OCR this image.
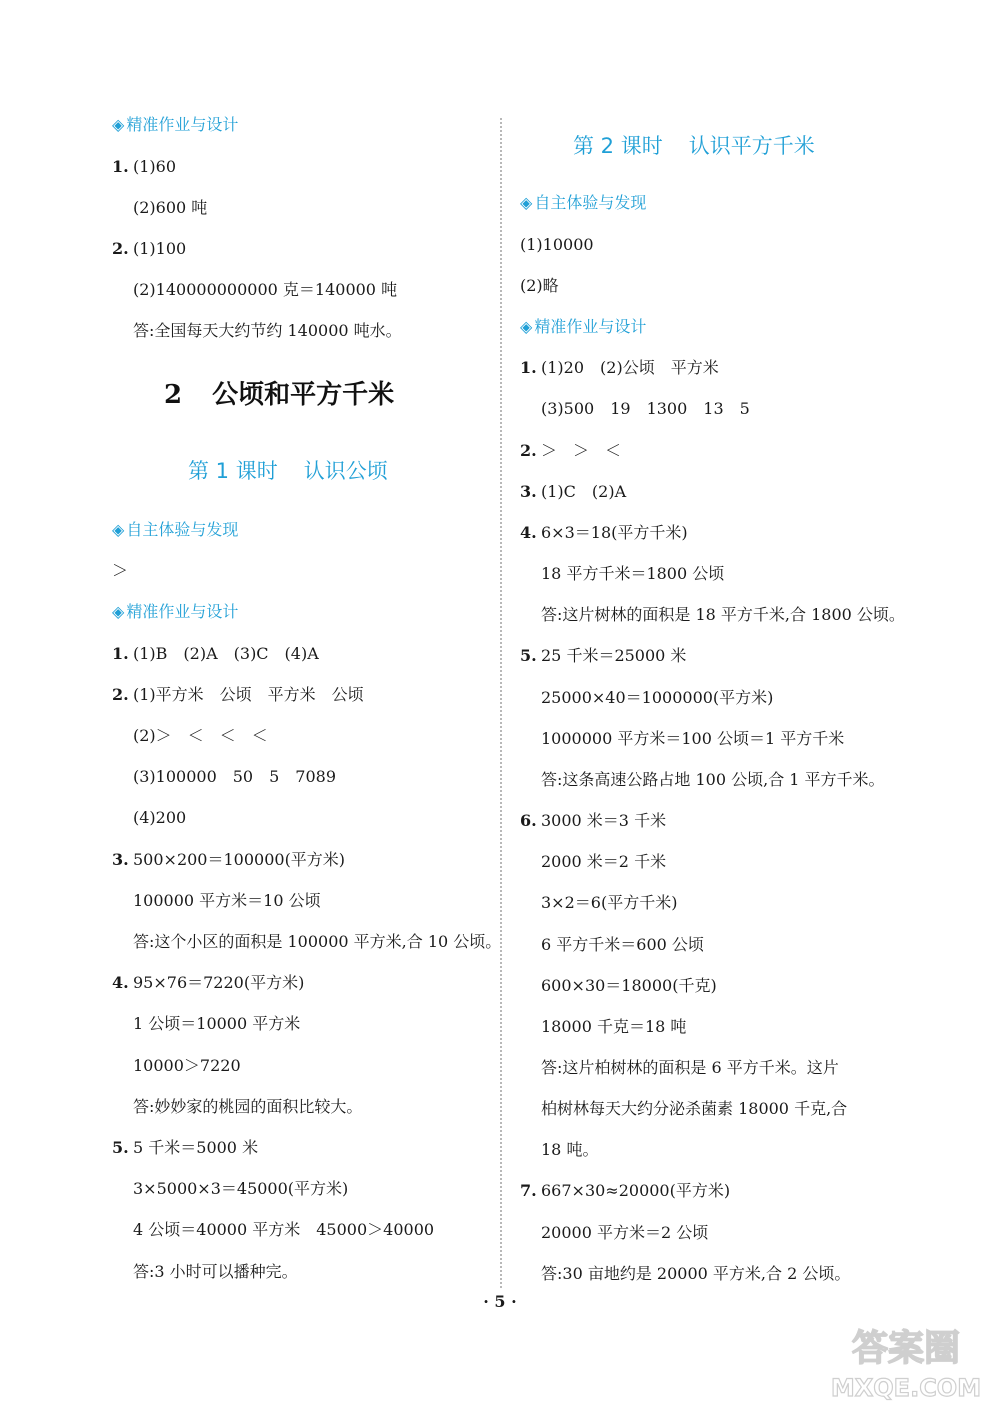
◈ 精准作业与设计
1. (1)60
(2)600 吨
2. (1)100
(2)140000000000 克＝140000 吨
答:全国每天大约节约 140000 吨水。
2 公顷和平方千米
第 1 课时 认识公顷
◈ 自主体验与发现
＞
◈ 精准作业与设计
1. (1)B　(2)A　(3)C　(4)A
2. (1)平方米　公顷　平方米　公顷
(2)＞　＜　＜　＜
(3)100000　50　5　7089
(4)200
3. 500×200＝100000(平方米)
100000 平方米＝10 公顷
答:这个小区的面积是 100000 平方米,合 10 公顷。
4. 95×76＝7220(平方米)
1 公顷＝10000 平方米
10000＞7220
答:妙妙家的桃园的面积比较大。
5. 5 千米＝5000 米
3×5000×3＝45000(平方米)
4 公顷＝40000 平方米　45000＞40000
答:3 小时可以播种完。
第 2 课时 认识平方千米
◈ 自主体验与发现
(1)10000
(2)略
◈ 精准作业与设计
1. (1)20　(2)公顷　平方米
(3)500　19　1300　13　5
2. ＞　＞　＜
3. (1)C　(2)A
4. 6×3＝18(平方千米)
18 平方千米＝1800 公顷
答:这片树林的面积是 18 平方千米,合 1800 公顷。
5. 25 千米＝25000 米
25000×40＝1000000(平方米)
1000000 平方米＝100 公顷＝1 平方千米
答:这条高速公路占地 100 公顷,合 1 平方千米。
6. 3000 米＝3 千米
2000 米＝2 千米
3×2＝6(平方千米)
6 平方千米＝600 公顷
600×30＝18000(千克)
18000 千克＝18 吨
答:这片柏树林的面积是 6 平方千米。这片
柏树林每天大约分泌杀菌素 18000 千克,合
18 吨。
7. 667×30≈20000(平方米)
20000 平方米＝2 公顷
答:30 亩地约是 20000 平方米,合 2 公顷。
· 5 ·
答案圈
MXQE.COM
